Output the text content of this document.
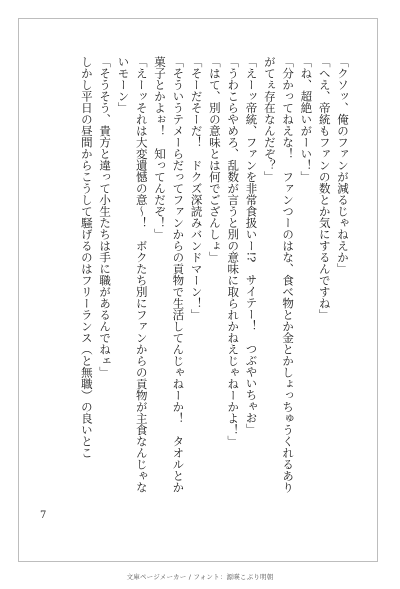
「クソッ、俺のファンが減るじゃねえか」

「へえ、帝統もファンの数とか気にするんですね」

「ね、超絶いがーい！」

「分かってねえな！　ファンつーのはな、食べ物とか金とかしょっちゅうくれるありがてぇ存在なんだぞ？」

「えーッ帝統、ファンを非常食扱いー!?　サイテー！　つぶやいちゃお」

「うわこらやめろ、乱数が言うと別の意味に取られかねえじゃねーかよ！」

「はて、別の意味とは何でござんしょ」

「そーだそーだ！　ドクズ深読みバンドマーン！」

「そういうテメーらだってファンからの貢物で生活してんじゃねーか！　タオルとか菓子とかよぉ！　知ってんだぞ！」

「えーッそれは大変遺憾の意～！　ボクたち別にファンからの貢物が主食なんじゃないモーン」

「そうそう、貴方と違って小生たちは手に職があるんでねェ」

しかし平日の昼間からこうして騒げるのはフリーランス（と無職）の良いとこ

7
文庫ページメーカー / フォント：源暎こぶり明朝
